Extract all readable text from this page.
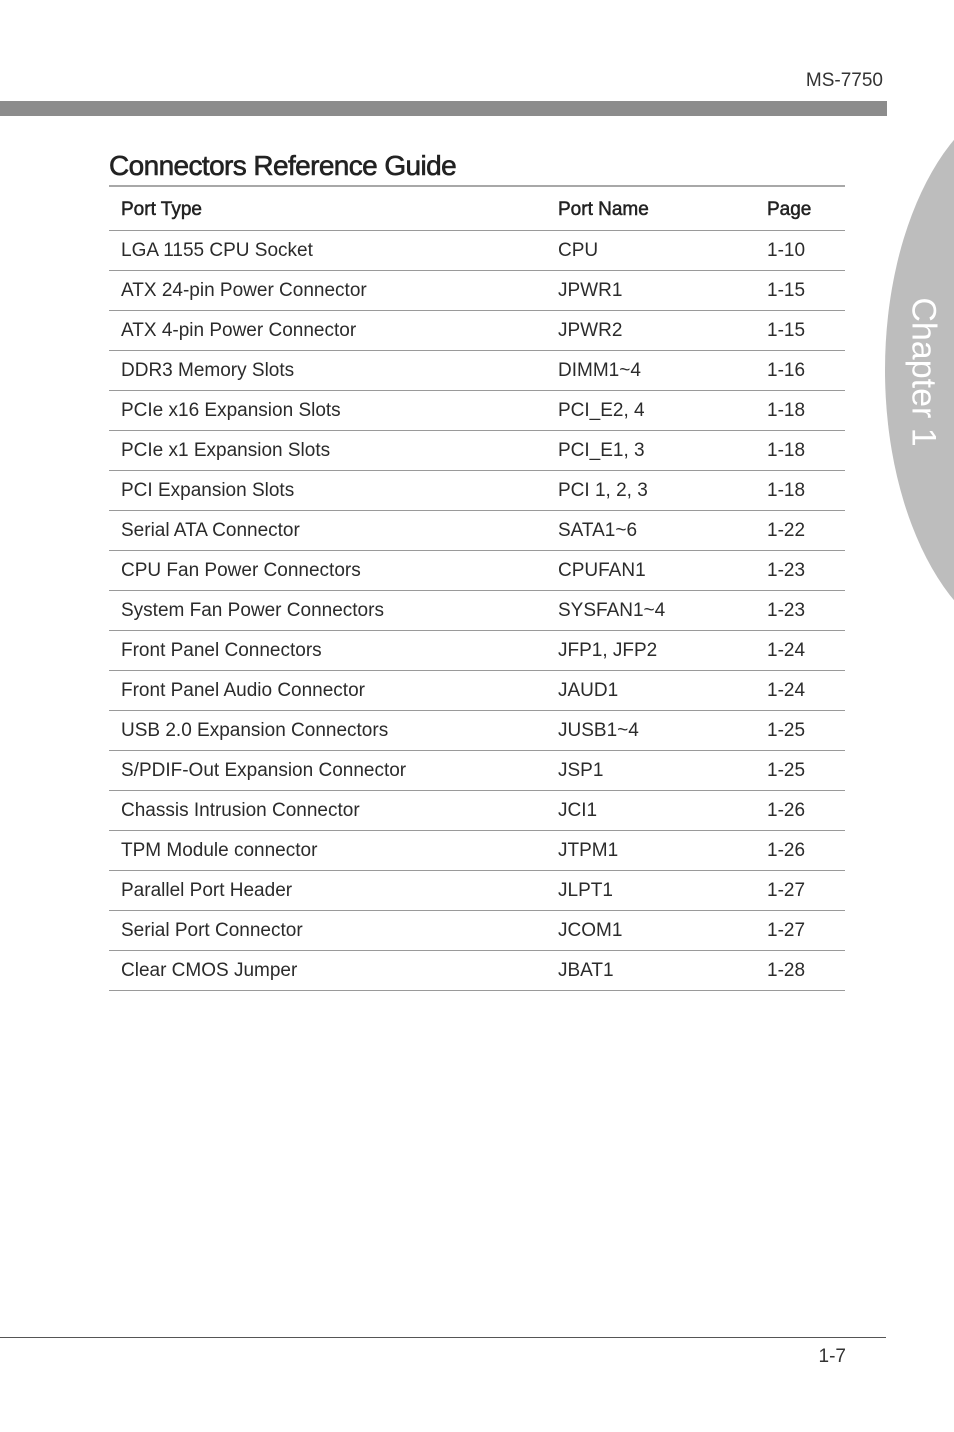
MS-7750
Chapter 1
Connectors Reference Guide
Port Type	Port Name	Page
LGA 1155 CPU Socket	CPU	1-10
ATX 24-pin Power Connector	JPWR1	1-15
ATX 4-pin Power Connector	JPWR2	1-15
DDR3 Memory Slots	DIMM1~4	1-16
PCIe x16 Expansion Slots	PCI_E2, 4	1-18
PCIe x1 Expansion Slots	PCI_E1, 3	1-18
PCI Expansion Slots	PCI 1, 2, 3	1-18
Serial ATA Connector	SATA1~6	1-22
CPU Fan Power Connectors	CPUFAN1	1-23
System Fan Power Connectors	SYSFAN1~4	1-23
Front Panel Connectors	JFP1, JFP2	1-24
Front Panel Audio Connector	JAUD1	1-24
USB 2.0 Expansion Connectors	JUSB1~4	1-25
S/PDIF-Out Expansion Connector	JSP1	1-25
Chassis Intrusion Connector	JCI1	1-26
TPM Module connector	JTPM1	1-26
Parallel Port Header	JLPT1	1-27
Serial Port Connector	JCOM1	1-27
Clear CMOS Jumper	JBAT1	1-28
1-7
